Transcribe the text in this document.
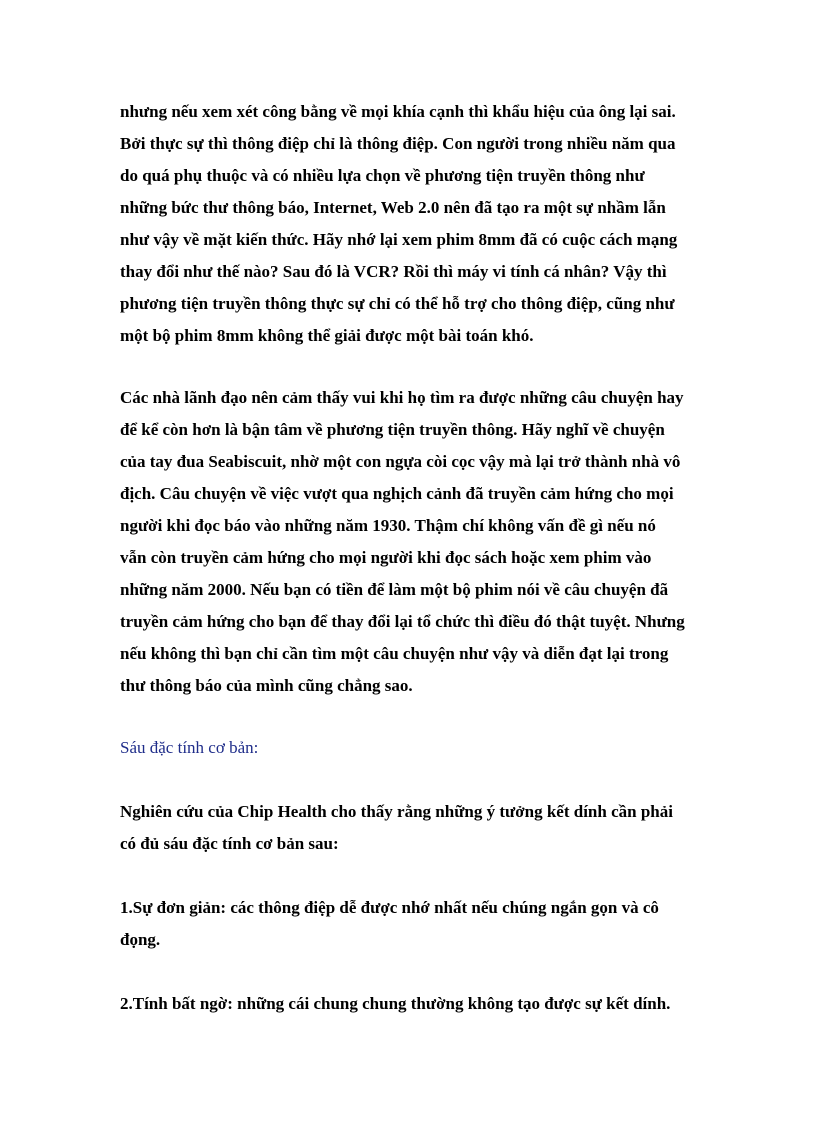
nhưng nếu xem xét công bằng về mọi khía cạnh thì khẩu hiệu của ông lại sai.
Bởi thực sự thì thông điệp chỉ là thông điệp. Con người trong nhiều năm qua
do quá phụ thuộc và có nhiều lựa chọn về phương tiện truyền thông như
những bức thư thông báo, Internet, Web 2.0 nên đã tạo ra một sự nhầm lẫn
như vậy về mặt kiến thức. Hãy nhớ lại xem phim 8mm đã có cuộc cách mạng
thay đổi như thế nào? Sau đó là VCR? Rồi thì máy vi tính cá nhân? Vậy thì
phương tiện truyền thông thực sự chỉ có thể hỗ trợ cho thông điệp, cũng như
một bộ phim 8mm không thể giải được một bài toán khó.
Các nhà lãnh đạo nên cảm thấy vui khi họ tìm ra được những câu chuyện hay
để kể còn hơn là bận tâm về phương tiện truyền thông. Hãy nghĩ về chuyện
của tay đua Seabiscuit, nhờ một con ngựa còi cọc vậy mà lại trở thành nhà vô
địch. Câu chuyện về việc vượt qua nghịch cảnh đã truyền cảm hứng cho mọi
người khi đọc báo vào những năm 1930. Thậm chí không vấn đề gì nếu nó
vẫn còn truyền cảm hứng cho mọi người khi đọc sách hoặc xem phim vào
những năm 2000. Nếu bạn có tiền để làm một bộ phim nói về câu chuyện đã
truyền cảm hứng cho bạn để thay đổi lại tổ chức thì điều đó thật tuyệt. Nhưng
nếu không thì bạn chỉ cần tìm một câu chuyện như vậy và diễn đạt lại trong
thư thông báo của mình cũng chẳng sao.
Sáu đặc tính cơ bản:
Nghiên cứu của Chip Health cho thấy rằng những ý tưởng kết dính cần phải
có đủ sáu đặc tính cơ bản sau:
1.Sự đơn giản: các thông điệp dễ được nhớ nhất nếu chúng ngắn gọn và cô
đọng.
2.Tính bất ngờ: những cái chung chung thường không tạo được sự kết dính.
